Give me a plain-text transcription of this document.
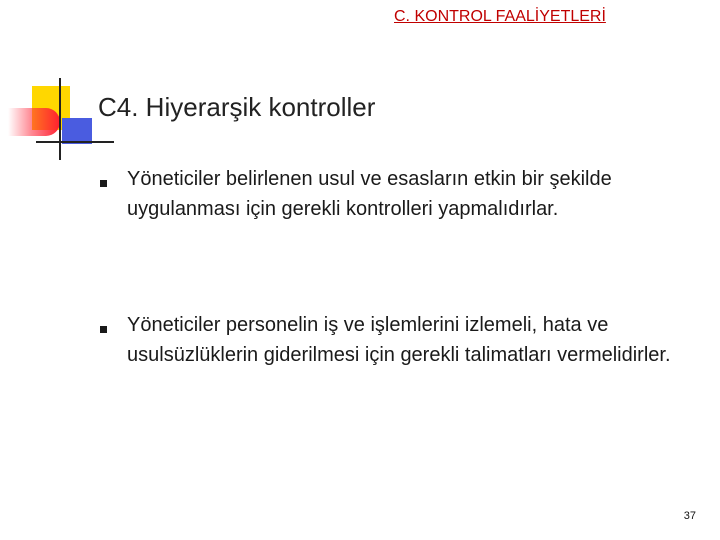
C. KONTROL FAALİYETLERİ
C4. Hiyerarşik kontroller
Yöneticiler belirlenen usul ve esasların etkin bir şekilde uygulanması için gerekli kontrolleri yapmalıdırlar.
Yöneticiler personelin iş ve işlemlerini izlemeli, hata ve usulsüzlüklerin giderilmesi için gerekli talimatları vermelidirler.
37
